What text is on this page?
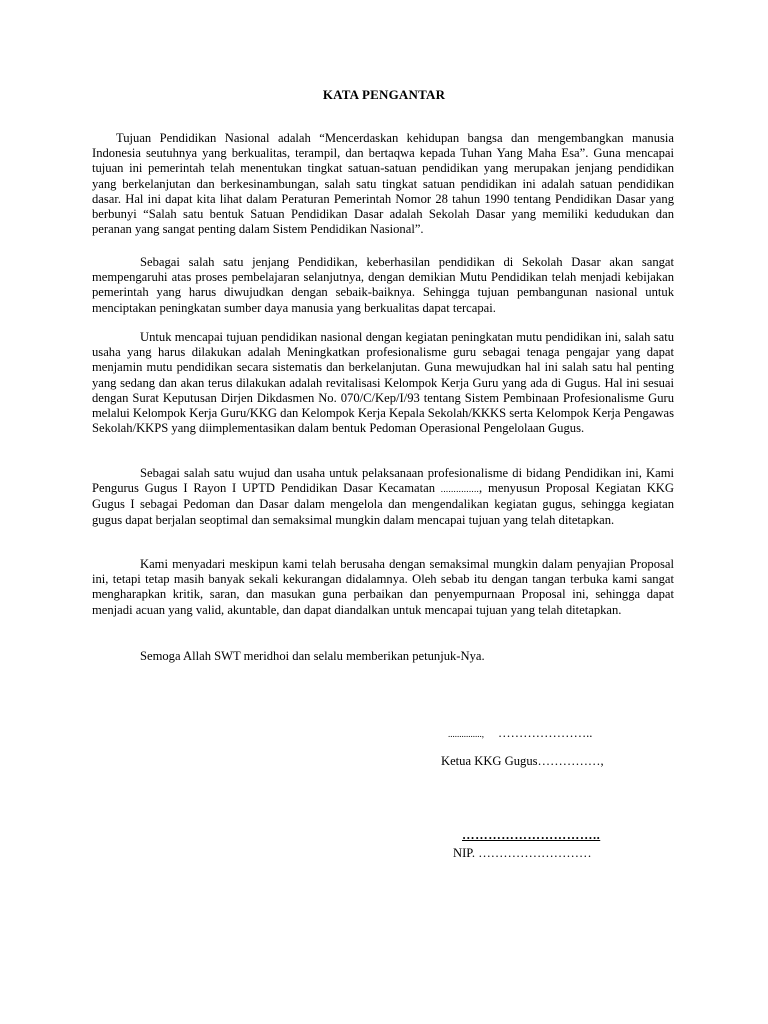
KATA PENGANTAR

Tujuan Pendidikan Nasional adalah “Mencerdaskan kehidupan bangsa dan mengembangkan manusia Indonesia seutuhnya yang berkualitas, terampil, dan bertaqwa kepada Tuhan Yang Maha Esa”. Guna mencapai tujuan ini pemerintah telah menentukan tingkat satuan-satuan pendidikan yang merupakan jenjang pendidikan yang berkelanjutan dan berkesinambungan, salah satu tingkat satuan pendidikan ini adalah satuan pendidikan dasar. Hal ini dapat kita lihat dalam Peraturan Pemerintah Nomor 28 tahun 1990 tentang Pendidikan Dasar yang berbunyi “Salah satu bentuk Satuan Pendidikan Dasar adalah Sekolah Dasar yang memiliki kedudukan dan peranan yang sangat penting dalam Sistem Pendidikan Nasional”.

Sebagai salah satu jenjang Pendidikan, keberhasilan pendidikan di Sekolah Dasar akan sangat mempengaruhi atas proses pembelajaran selanjutnya, dengan demikian Mutu Pendidikan telah menjadi kebijakan pemerintah yang harus diwujudkan dengan sebaik-baiknya. Sehingga tujuan pembangunan nasional untuk menciptakan peningkatan sumber daya manusia yang berkualitas dapat tercapai.

Untuk mencapai tujuan pendidikan nasional dengan kegiatan peningkatan mutu pendidikan ini, salah satu usaha yang harus dilakukan adalah Meningkatkan profesionalisme guru sebagai tenaga pengajar yang dapat menjamin mutu pendidikan secara sistematis dan berkelanjutan. Guna mewujudkan hal ini salah satu hal penting yang sedang dan akan terus dilakukan adalah revitalisasi Kelompok Kerja Guru yang ada di Gugus. Hal ini sesuai dengan Surat Keputusan Dirjen Dikdasmen No. 070/C/Kep/I/93 tentang Sistem Pembinaan Profesionalisme Guru melalui Kelompok Kerja Guru/KKG dan Kelompok Kerja Kepala Sekolah/KKKS serta Kelompok Kerja Pengawas Sekolah/KKPS yang diimplementasikan dalam bentuk Pedoman Operasional Pengelolaan Gugus.

Sebagai salah satu wujud dan usaha untuk pelaksanaan profesionalisme di bidang Pendidikan ini, Kami Pengurus Gugus I Rayon I UPTD Pendidikan Dasar Kecamatan ..............., menyusun Proposal Kegiatan KKG Gugus I sebagai Pedoman dan Dasar dalam mengelola dan mengendalikan kegiatan gugus, sehingga kegiatan gugus dapat berjalan seoptimal dan semaksimal mungkin dalam mencapai tujuan yang telah ditetapkan.

Kami menyadari meskipun kami telah berusaha dengan semaksimal mungkin dalam penyajian Proposal ini, tetapi tetap masih banyak sekali kekurangan didalamnya. Oleh sebab itu dengan tangan terbuka kami sangat mengharapkan kritik, saran, dan masukan guna perbaikan dan penyempurnaan Proposal ini, sehingga dapat menjadi acuan yang valid, akuntable, dan dapat diandalkan untuk mencapai tujuan yang telah ditetapkan.

Semoga Allah SWT meridhoi dan selalu memberikan petunjuk-Nya.

..............., …………………..
Ketua KKG Gugus……………,
…………………………..
NIP. ………………………
